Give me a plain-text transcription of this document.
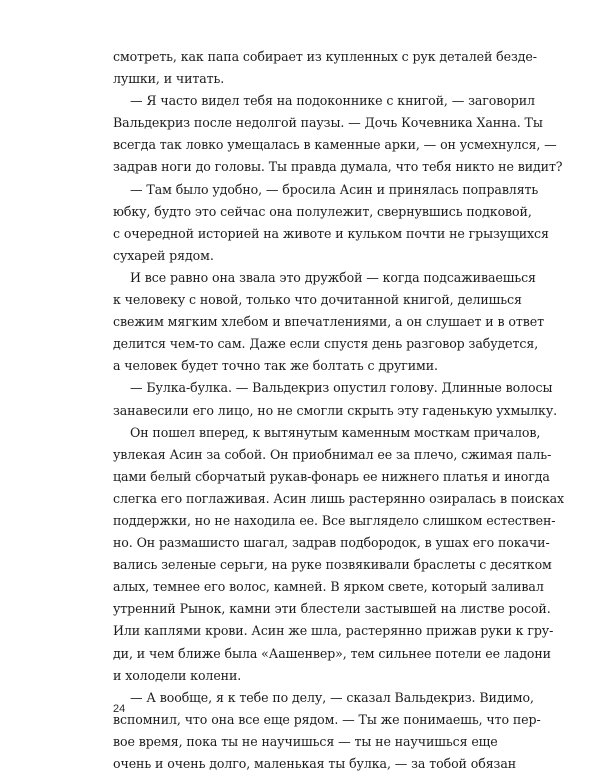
смотреть, как папа собирает из купленных с рук деталей безде-
лушки, и читать.
— Я часто видел тебя на подоконнике с книгой, — заговорил
Вальдекриз после недолгой паузы. — Дочь Кочевника Ханна. Ты
всегда так ловко умещалась в каменные арки, — он усмехнулся, —
задрав ноги до головы. Ты правда думала, что тебя никто не видит?
— Там было удобно, — бросила Асин и принялась поправлять
юбку, будто это сейчас она полулежит, свернувшись подковой,
с очередной историей на животе и кульком почти не грызущихся
сухарей рядом.
И все равно она звала это дружбой — когда подсаживаешься
к человеку с новой, только что дочитанной книгой, делишься
свежим мягким хлебом и впечатлениями, а он слушает и в ответ
делится чем-то сам. Даже если спустя день разговор забудется,
а человек будет точно так же болтать с другими.
— Булка-булка. — Вальдекриз опустил голову. Длинные волосы
занавесили его лицо, но не смогли скрыть эту гаденькую ухмылку.
Он пошел вперед, к вытянутым каменным мосткам причалов,
увлекая Асин за собой. Он приобнимал ее за плечо, сжимая паль-
цами белый сборчатый рукав-фонарь ее нижнего платья и иногда
слегка его поглаживая. Асин лишь растерянно озиралась в поисках
поддержки, но не находила ее. Все выглядело слишком естествен-
но. Он размашисто шагал, задрав подбородок, в ушах его покачи-
вались зеленые серьги, на руке позвякивали браслеты с десятком
алых, темнее его волос, камней. В ярком свете, который заливал
утренний Рынок, камни эти блестели застывшей на листве росой.
Или каплями крови. Асин же шла, растерянно прижав руки к гру-
ди, и чем ближе была «Аашенвер», тем сильнее потели ее ладони
и холодели колени.
— А вообще, я к тебе по делу, — сказал Вальдекриз. Видимо,
вспомнил, что она все еще рядом. — Ты же понимаешь, что пер-
вое время, пока ты не научишься — ты не научишься еще
очень и очень долго, маленькая ты булка, — за тобой обязан
24
